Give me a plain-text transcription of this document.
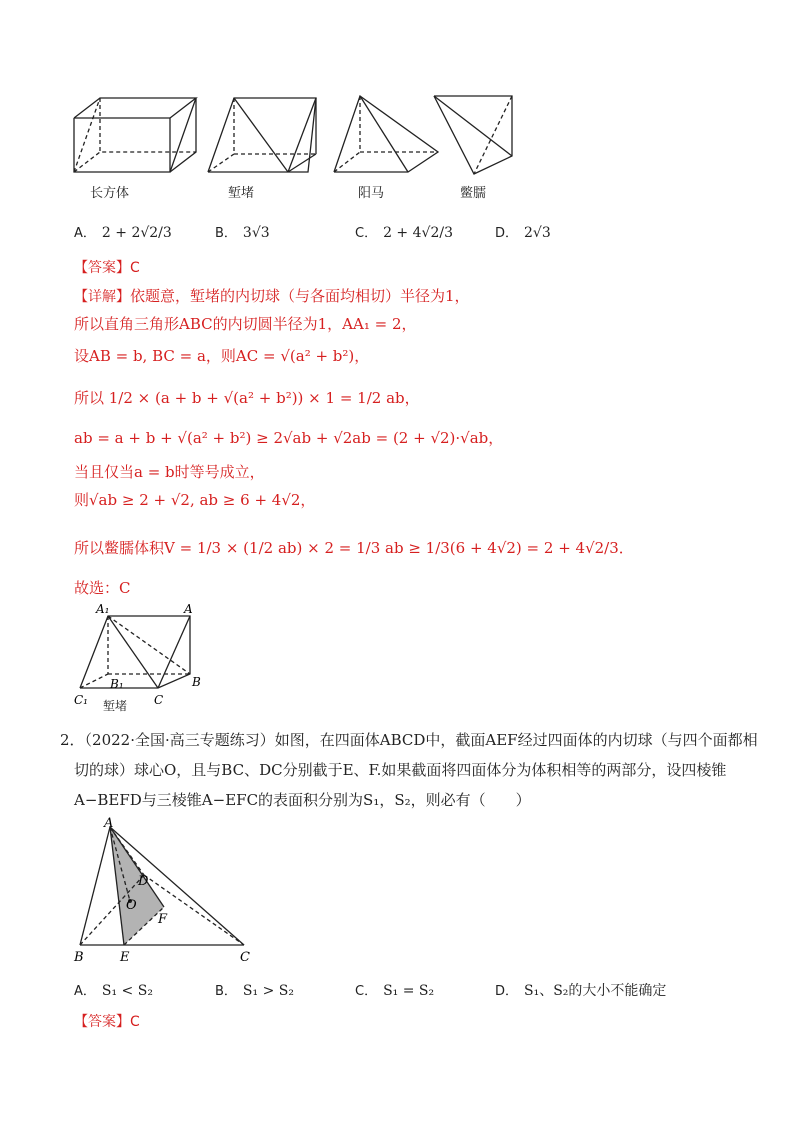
长方体	堑堵	阳马	鳖臑
A． 2 + 2√2/3	B． 3√3	C． 2 + 4√2/3	D． 2√3
【答案】C
【详解】依题意，堑堵的内切球（与各面均相切）半径为1，
所以直角三角形ABC的内切圆半径为1，AA₁ = 2，
设AB = b, BC = a，则AC = √(a² + b²)，
所以 1/2 × (a + b + √(a² + b²)) × 1 = 1/2 ab，
ab = a + b + √(a² + b²) ≥ 2√ab + √2ab = (2 + √2)·√ab，
当且仅当a = b时等号成立，
则√ab ≥ 2 + √2, ab ≥ 6 + 4√2，
所以鳖臑体积V = 1/3 × (1/2 ab) × 2 = 1/3 ab ≥ 1/3(6 + 4√2) = 2 + 4√2/3．
故选：C
A₁	A
B₁	B
C₁	C
堑堵
2．（2022·全国·高三专题练习）如图，在四面体ABCD中，截面AEF经过四面体的内切球（与四个面都相
切的球）球心O，且与BC、DC分别截于E、F.如果截面将四面体分为体积相等的两部分，设四棱锥
A−BEFD与三棱锥A−EFC的表面积分别为S₁，S₂，则必有（　　）
A
D
O
F
B	E	C
A． S₁ < S₂	B． S₁ > S₂	C． S₁ = S₂	D． S₁、S₂的大小不能确定
【答案】C
